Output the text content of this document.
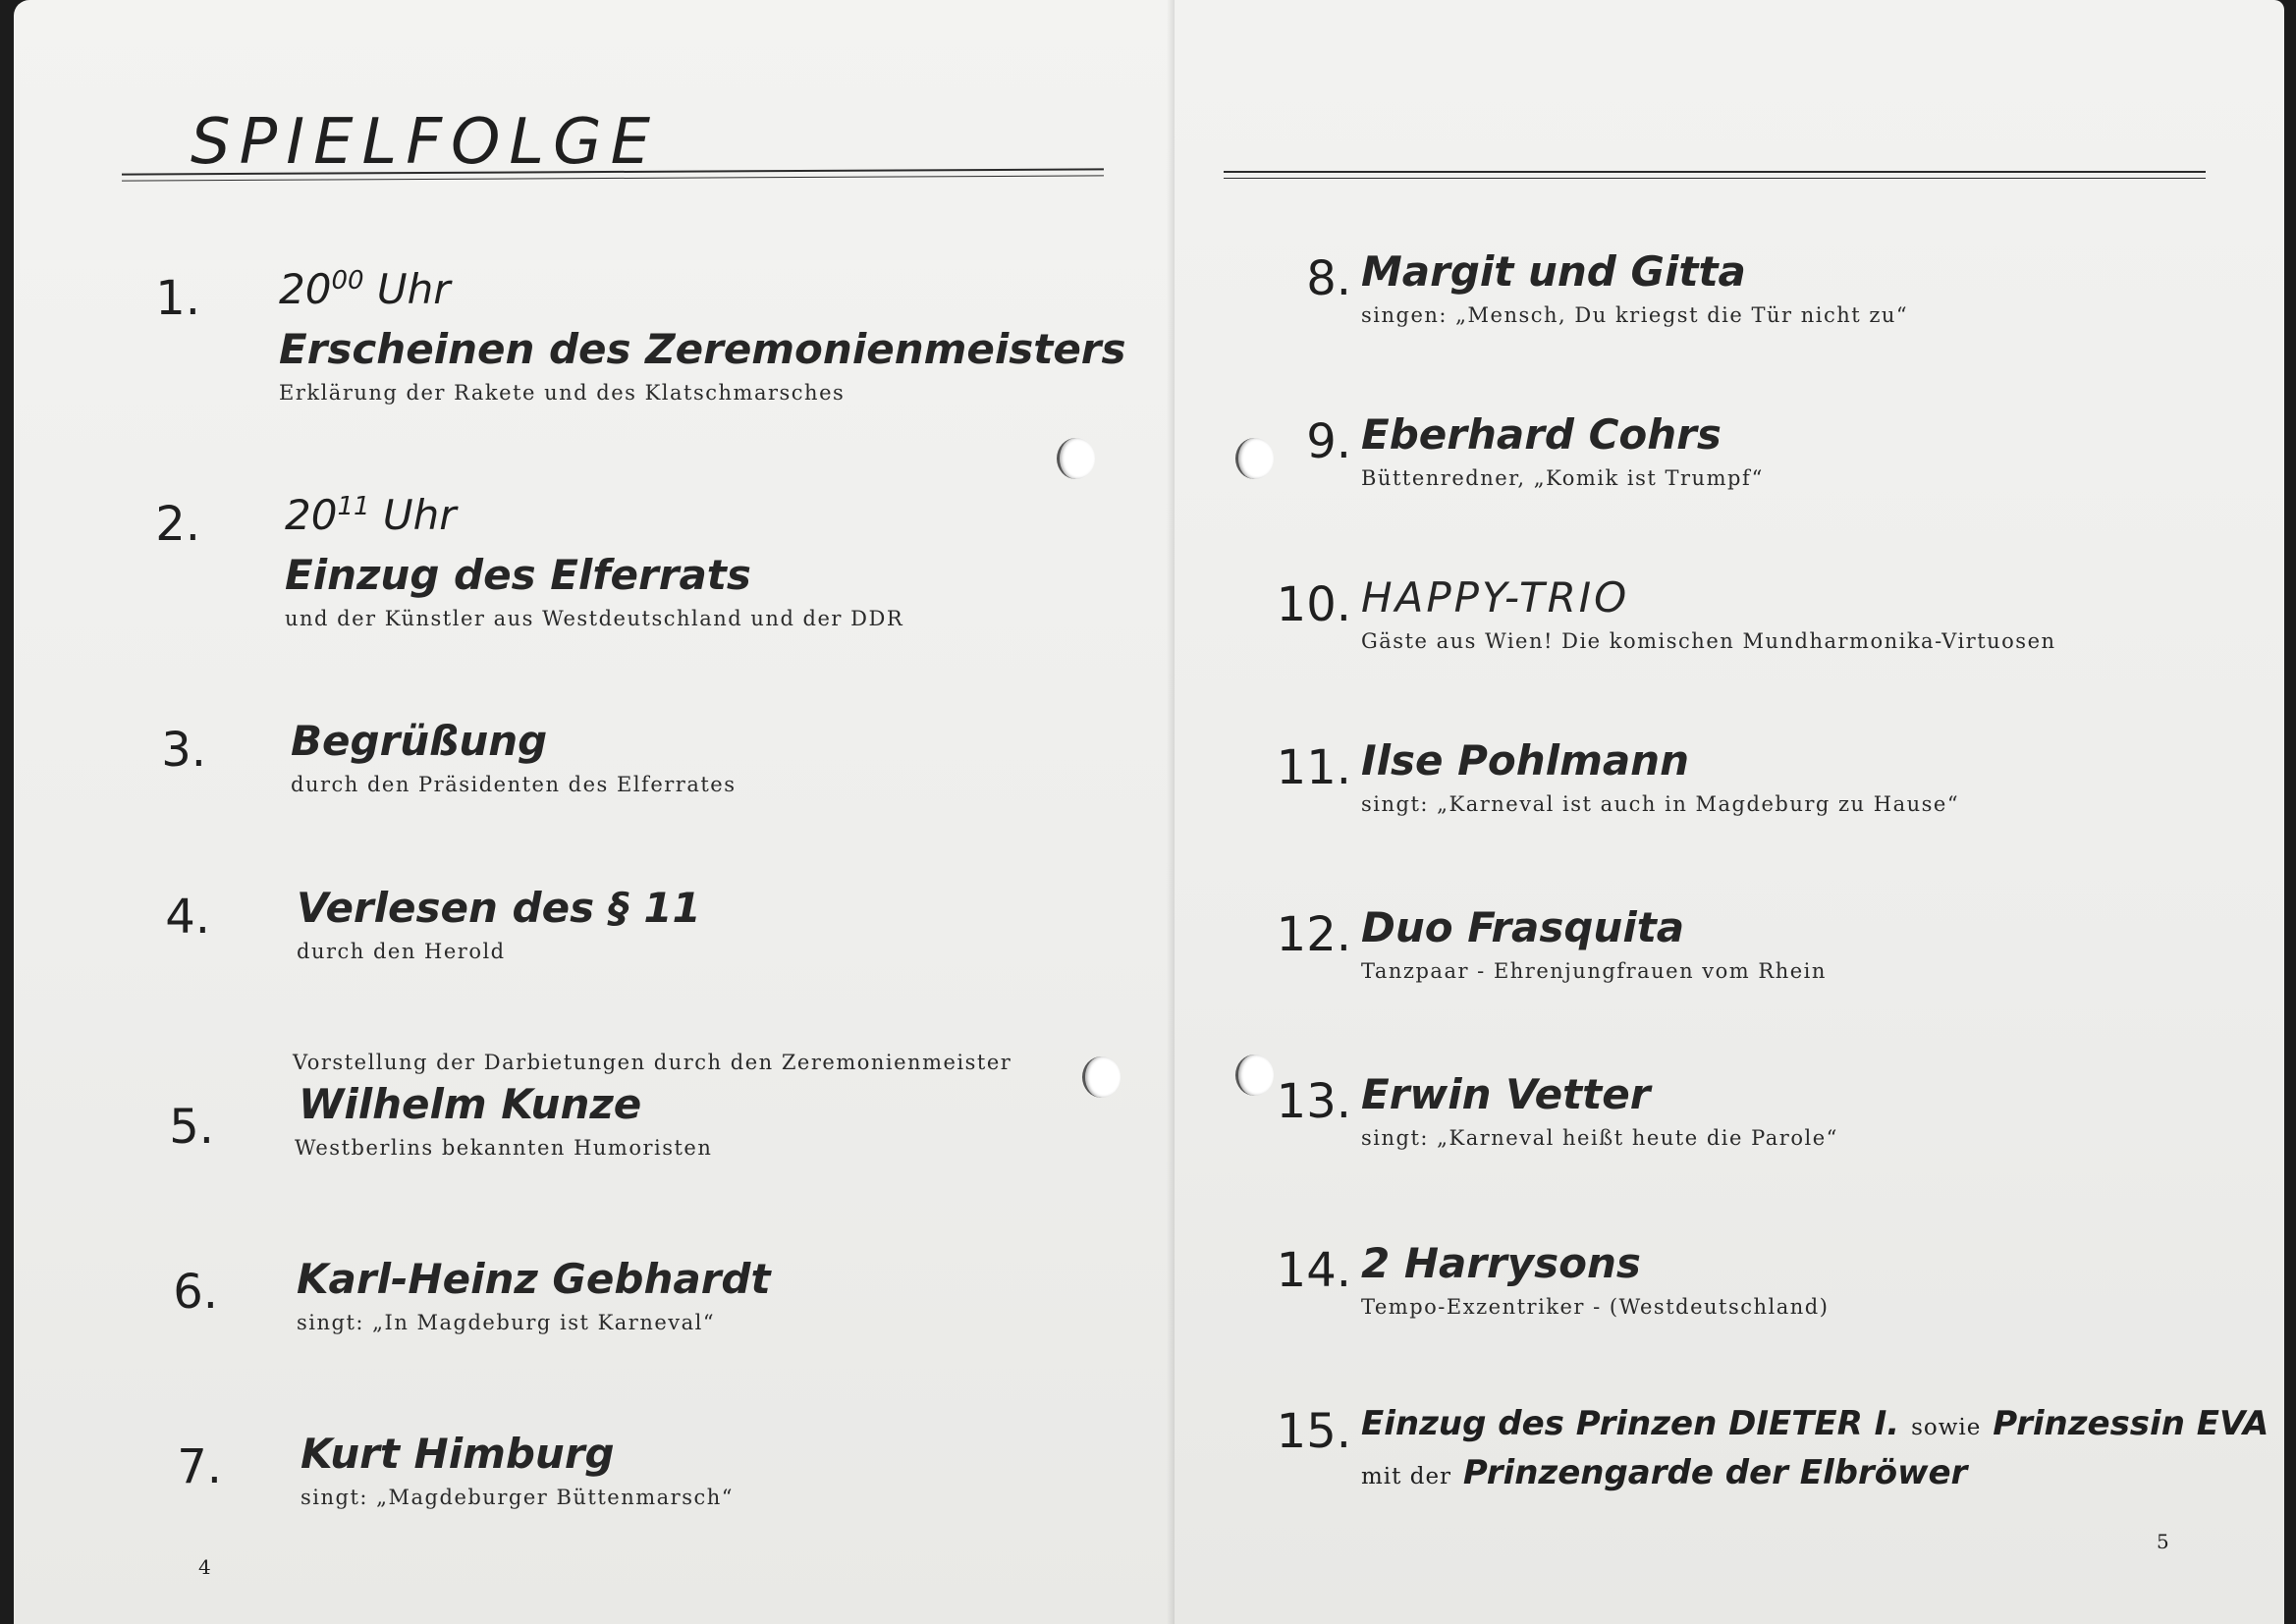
SPIELFOLGE
1. $20^{00}$ Uhr
Erscheinen des Zeremonienmeisters
Erklärung der Rakete und des Klatschmarsches
2. $20^{11}$ Uhr
Einzug des Elferrats
und der Künstler aus Westdeutschland und der DDR
3. Begrüßung
durch den Präsidenten des Elferrates
4. Verlesen des § 11
durch den Herold
5.
Vorstellung der Darbietungen durch den Zeremonienmeister
Wilhelm Kunze
Westberlins bekannten Humoristen
6. Karl-Heinz Gebhardt
singt: „In Magdeburg ist Karneval“
7. Kurt Himburg
singt: „Magdeburger Büttenmarsch“
4
8. Margit und Gitta
singen: „Mensch, Du kriegst die Tür nicht zu“
9. Eberhard Cohrs
Büttenredner, „Komik ist Trumpf“
10. HAPPY-TRIO
Gäste aus Wien! Die komischen Mundharmonika-Virtuosen
11. Ilse Pohlmann
singt: „Karneval ist auch in Magdeburg zu Hause“
12. Duo Frasquita
Tanzpaar - Ehrenjungfrauen vom Rhein
13. Erwin Vetter
singt: „Karneval heißt heute die Parole“
14. 2 Harrysons
Tempo-Exzentriker - (Westdeutschland)
15. Einzug des Prinzen DIETER I. sowie Prinzessin EVA
mit der Prinzengarde der Elbröwer
5
